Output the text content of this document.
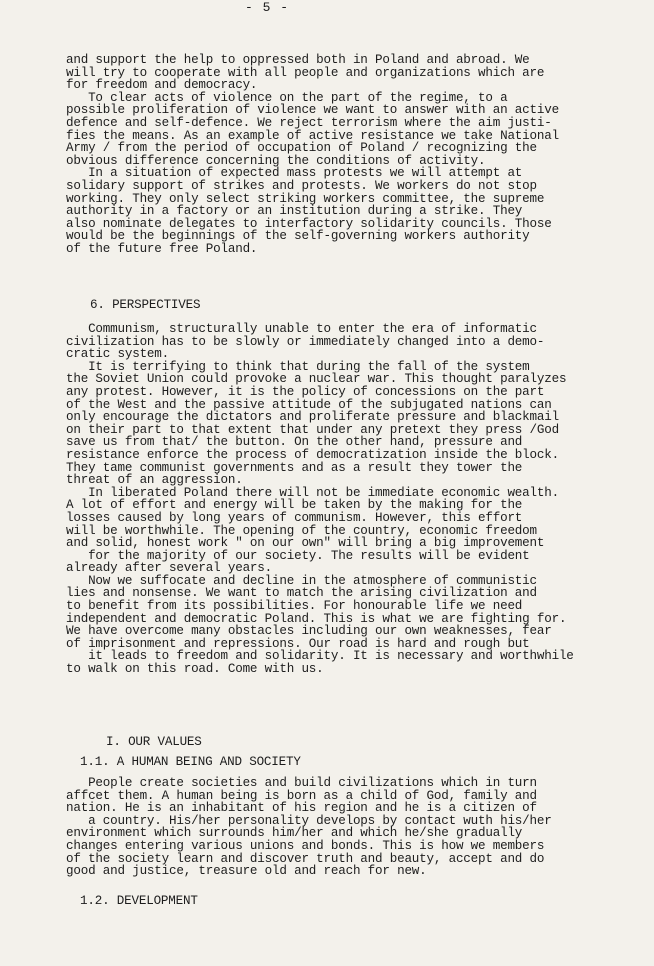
- 5 -

and support the help to oppressed both in Poland and abroad. We

will try to cooperate with all people and organizations which are

for freedom and democracy.

To clear acts of violence on the part of the regime, to a

possible proliferation of violence we want to answer with an active

defence and self-defence. We reject terrorism where the aim justi-

fies the means. As an example of active resistance we take National

Army / from the period of occupation of Poland / recognizing the

obvious difference concerning the conditions of activity.

In a situation of expected mass protests we will attempt at

solidary support of strikes and protests. We workers do not stop

working. They only select striking workers committee, the supreme

authority in a factory or an institution during a strike. They

also nominate delegates to interfactory solidarity councils. Those

would be the beginnings of the self-governing workers authority

of the future free Poland.

6. PERSPECTIVES

Communism, structurally unable to enter the era of informatic

civilization has to be slowly or immediately changed into a demo-

cratic system.

It is terrifying to think that during the fall of the system

the Soviet Union could provoke a nuclear war. This thought paralyzes

any protest. However, it is the policy of concessions on the part

of the West and the passive attitude of the subjugated nations can

only encourage the dictators and proliferate pressure and blackmail

on their part to that extent that under any pretext they press /God

save us from that/ the button. On the other hand, pressure and

resistance enforce the process of democratization inside the block.

They tame communist governments and as a result they tower the

threat of an aggression.

In liberated Poland there will not be immediate economic wealth.

A lot of effort and energy will be taken by the making for the

losses caused by long years of communism. However, this effort

will be worthwhile. The opening of the country, economic freedom

and solid, honest work " on our own" will bring a big improvement

for the majority of our society. The results will be evident

already after several years.

Now we suffocate and decline in the atmosphere of communistic

lies and nonsense. We want to match the arising civilization and

to benefit from its possibilities. For honourable life we need

independent and democratic Poland. This is what we are fighting for.

We have overcome many obstacles including our own weaknesses, fear

of imprisonment and repressions. Our road is hard and rough but

it leads to freedom and solidarity. It is necessary and worthwhile

to walk on this road. Come with us.

I. OUR VALUES
1.1. A HUMAN BEING AND SOCIETY

People create societies and build civilizations which in turn

affcet them. A human being is born as a child of God, family and

nation. He is an inhabitant of his region and he is a citizen of

a country. His/her personality develops by contact wuth his/her

environment which surrounds him/her and which he/she gradually

changes entering various unions and bonds. This is how we members

of the society learn and discover truth and beauty, accept and do

good and justice, treasure old and reach for new.

1.2. DEVELOPMENT
